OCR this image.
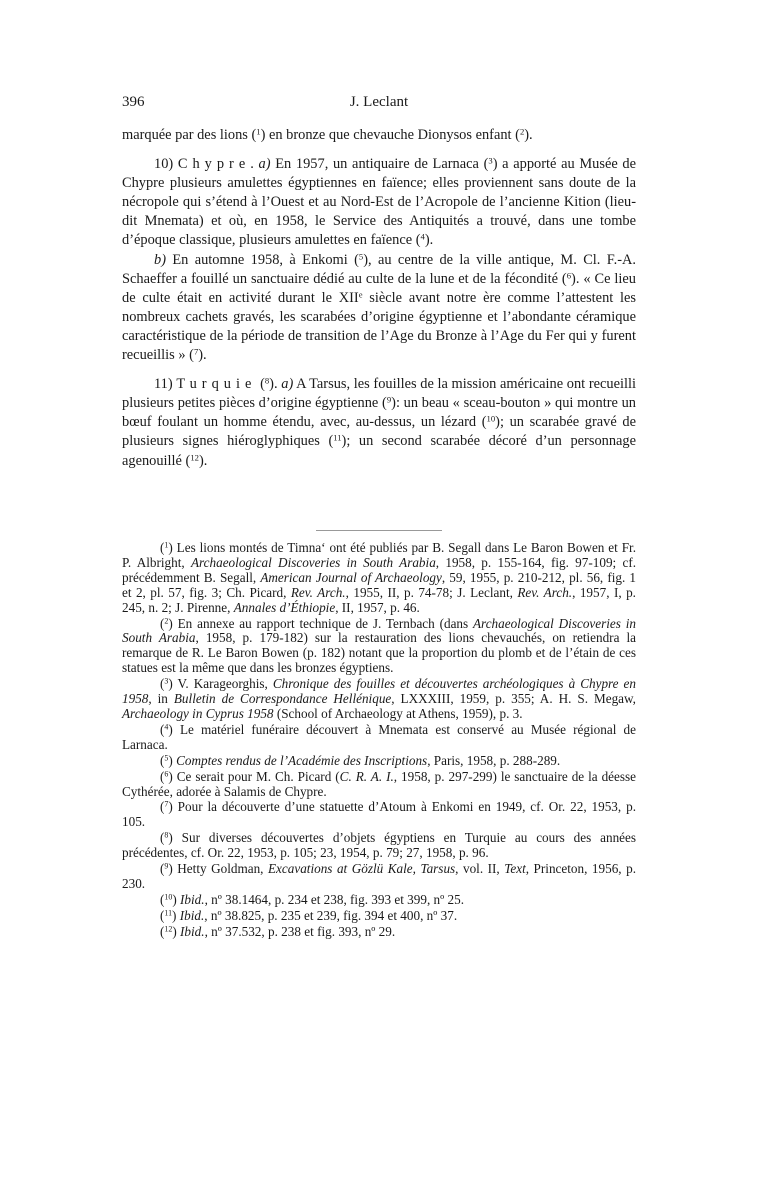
396	J. Leclant

marquée par des lions ($^1$) en bronze que chevauche Dionysos enfant ($^2$).

10) Chypre. a) En 1957, un antiquaire de Larnaca ($^3$) a apporté au Musée de Chypre plusieurs amulettes égyptiennes en faïence; elles proviennent sans doute de la nécropole qui s’étend à l’Ouest et au Nord-Est de l’Acropole de l’ancienne Kition (lieu-dit Mnemata) et où, en 1958, le Service des Antiquités a trouvé, dans une tombe d’époque classique, plusieurs amulettes en faïence ($^4$).

b) En automne 1958, à Enkomi ($^5$), au centre de la ville antique, M. Cl. F.-A. Schaeffer a fouillé un sanctuaire dédié au culte de la lune et de la fécondité ($^6$). « Ce lieu de culte était en activité durant le XIIe siècle avant notre ère comme l’attestent les nombreux cachets gravés, les scarabées d’origine égyptienne et l’abondante céramique caractéristique de la période de transition de l’Age du Bronze à l’Age du Fer qui y furent recueillis » ($^7$).

11) Turquie ($^8$). a) A Tarsus, les fouilles de la mission américaine ont recueilli plusieurs petites pièces d’origine égyptienne ($^9$): un beau « sceau-bouton » qui montre un bœuf foulant un homme étendu, avec, au-dessus, un lézard ($^{10}$); un scarabée gravé de plusieurs signes hiéroglyphiques ($^{11}$); un second scarabée décoré d’un personnage agenouillé ($^{12}$).

($^1$) Les lions montés de Timna‘ ont été publiés par B. Segall dans Le Baron Bowen et Fr. P. Albright, Archaeological Discoveries in South Arabia, 1958, p. 155-164, fig. 97-109; cf. précédemment B. Segall, American Journal of Archaeology, 59, 1955, p. 210-212, pl. 56, fig. 1 et 2, pl. 57, fig. 3; Ch. Picard, Rev. Arch., 1955, II, p. 74-78; J. Leclant, Rev. Arch., 1957, I, p. 245, n. 2; J. Pirenne, Annales d’Éthiopie, II, 1957, p. 46.

($^2$) En annexe au rapport technique de J. Ternbach (dans Archaeological Discoveries in South Arabia, 1958, p. 179-182) sur la restauration des lions chevauchés, on retiendra la remarque de R. Le Baron Bowen (p. 182) notant que la proportion du plomb et de l’étain de ces statues est la même que dans les bronzes égyptiens.

($^3$) V. Karageorghis, Chronique des fouilles et découvertes archéologiques à Chypre en 1958, in Bulletin de Correspondance Hellénique, LXXXIII, 1959, p. 355; A. H. S. Megaw, Archaeology in Cyprus 1958 (School of Archaeology at Athens, 1959), p. 3.

($^4$) Le matériel funéraire découvert à Mnemata est conservé au Musée régional de Larnaca.

($^5$) Comptes rendus de l’Académie des Inscriptions, Paris, 1958, p. 288-289.

($^6$) Ce serait pour M. Ch. Picard (C. R. A. I., 1958, p. 297-299) le sanctuaire de la déesse Cythérée, adorée à Salamis de Chypre.

($^7$) Pour la découverte d’une statuette d’Atoum à Enkomi en 1949, cf. Or. 22, 1953, p. 105.

($^8$) Sur diverses découvertes d’objets égyptiens en Turquie au cours des années précédentes, cf. Or. 22, 1953, p. 105; 23, 1954, p. 79; 27, 1958, p. 96.

($^9$) Hetty Goldman, Excavations at Gözlü Kale, Tarsus, vol. II, Text, Princeton, 1956, p. 230.

($^{10}$) Ibid., nº 38.1464, p. 234 et 238, fig. 393 et 399, nº 25.

($^{11}$) Ibid., nº 38.825, p. 235 et 239, fig. 394 et 400, nº 37.

($^{12}$) Ibid., nº 37.532, p. 238 et fig. 393, nº 29.
